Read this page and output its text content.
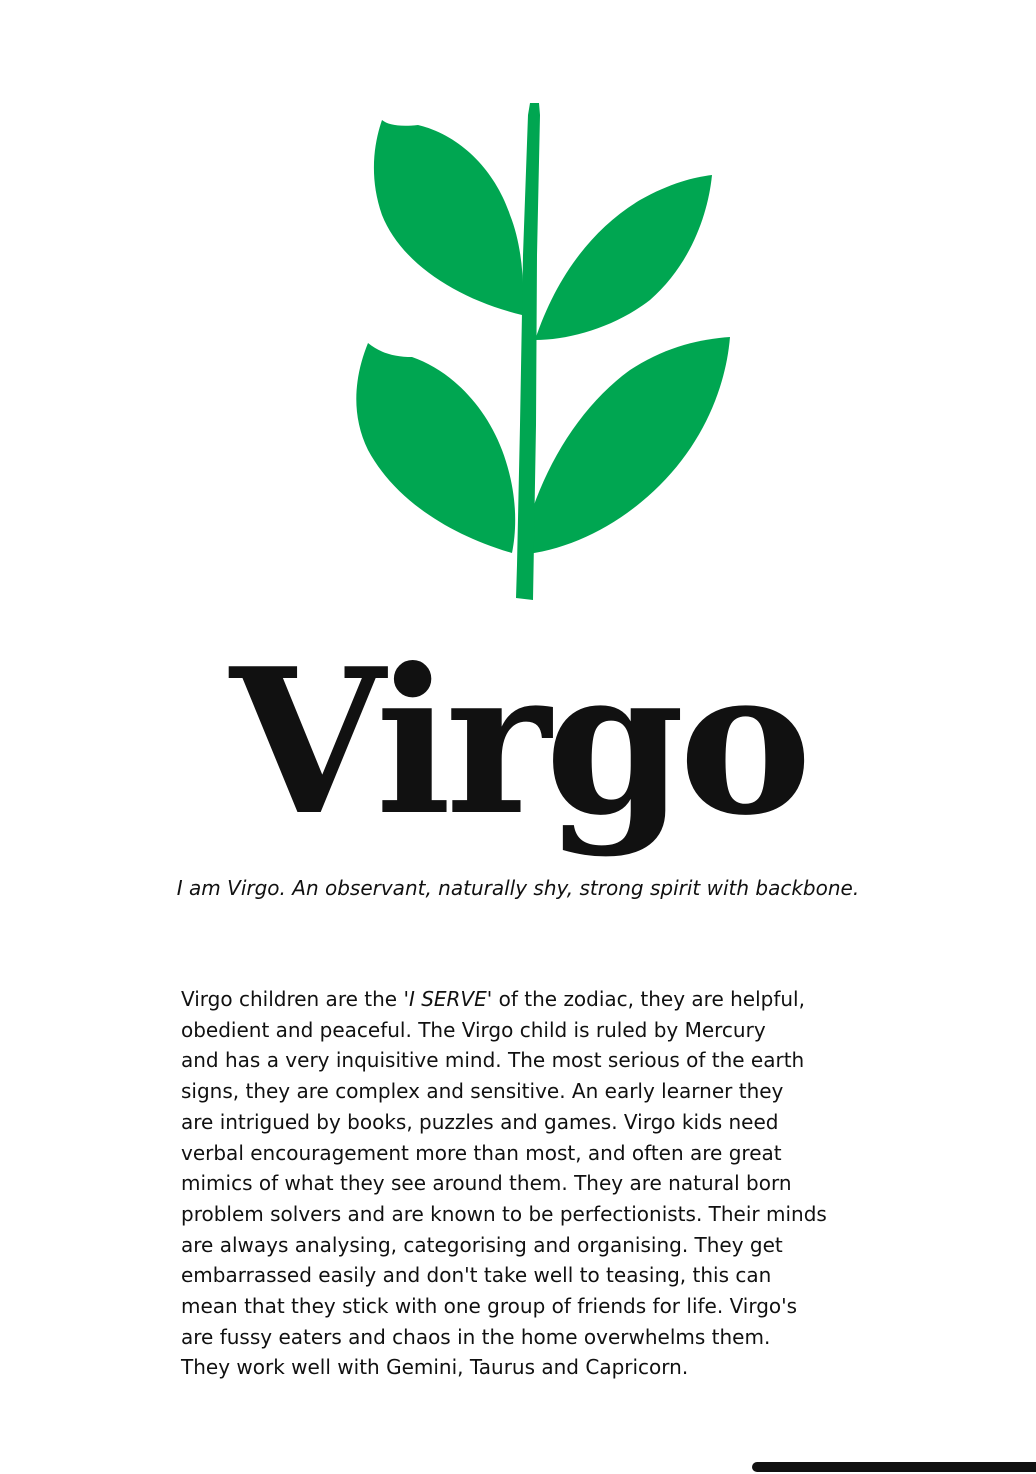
Virgo

I am Virgo. An observant, naturally shy, strong spirit with backbone.

Virgo children are the 'I SERVE' of the zodiac, they are helpful,
obedient and peaceful. The Virgo child is ruled by Mercury
and has a very inquisitive mind. The most serious of the earth
signs, they are complex and sensitive. An early learner they
are intrigued by books, puzzles and games. Virgo kids need
verbal encouragement more than most, and often are great
mimics of what they see around them. They are natural born
problem solvers and are known to be perfectionists. Their minds
are always analysing, categorising and organising. They get
embarrassed easily and don't take well to teasing, this can
mean that they stick with one group of friends for life. Virgo's
are fussy eaters and chaos in the home overwhelms them.
They work well with Gemini, Taurus and Capricorn.
